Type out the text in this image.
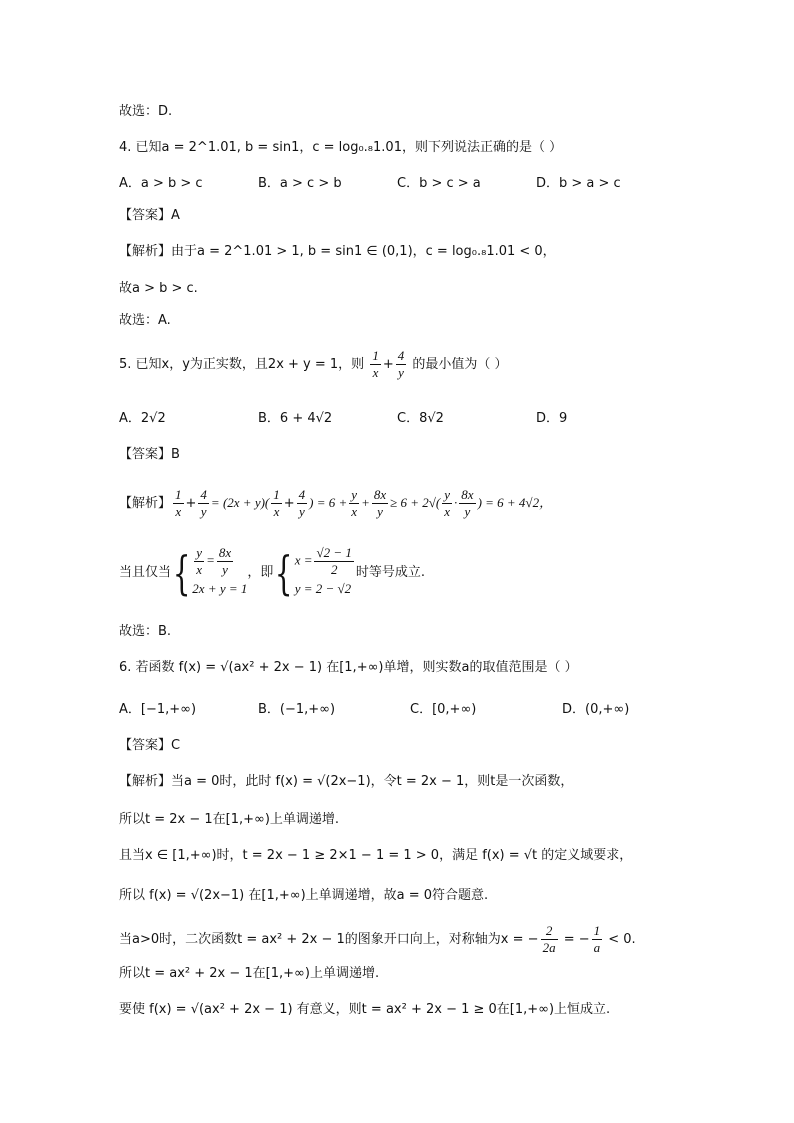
故选：D.
4. 已知a = 2^1.01, b = sin1，c = log₀.₈1.01，则下列说法正确的是（ ）
A．a > b > c	B．a > c > b	C．b > c > a	D．b > a > c
【答案】A
【解析】由于a = 2^1.01 > 1, b = sin1 ∈ (0,1)，c = log₀.₈1.01 < 0，
故a > b > c.
故选：A.
5. 已知x，y为正实数，且2x + y = 1，则 $\frac{1}{x} + \frac{4}{y}$ 的最小值为（ ）
A．2√2	B．6 + 4√2	C．8√2	D．9
【答案】B
【解析】 $\frac{1}{x} + \frac{4}{y} = (2x + y)( \frac{1}{x} + \frac{4}{y}$ ) = $6 + \frac{y}{x} + \frac{8x}{y} \ge 6 + 2√( \frac{y}{x} \cdot \frac{8x}{y}$ ) = 6 + 4√2，
当且仅当{ $\frac{y}{x} = \frac{8x}{y}$
2x + y = 1
，即{ $x = \frac{√2 - 1}{2}$
y = 2 − √2
时等号成立.
故选：B.
6. 若函数 f(x) = √(ax² + 2x − 1) 在[1,+∞)单增，则实数a的取值范围是（ ）
A．[−1,+∞)	B．(−1,+∞)	C．[0,+∞)	D．(0,+∞)
【答案】C
【解析】当a = 0时，此时 f(x) = √(2x−1)，令t = 2x − 1，则t是一次函数，
所以t = 2x − 1在[1,+∞)上单调递增.
且当x ∈ [1,+∞)时，t = 2x − 1 ≥ 2×1 − 1 = 1 > 0，满足 f(x) = √t 的定义域要求，
所以 f(x) = √(2x−1) 在[1,+∞)上单调递增，故a = 0符合题意.
当a>0时，二次函数t = ax² + 2x − 1的图象开口向上，对称轴为x = − $\frac{2}{2a}$ = − $\frac{1}{a} < 0$.
所以t = ax² + 2x − 1在[1,+∞)上单调递增.
要使 f(x) = √(ax² + 2x − 1) 有意义，则t = ax² + 2x − 1 ≥ 0在[1,+∞)上恒成立.
